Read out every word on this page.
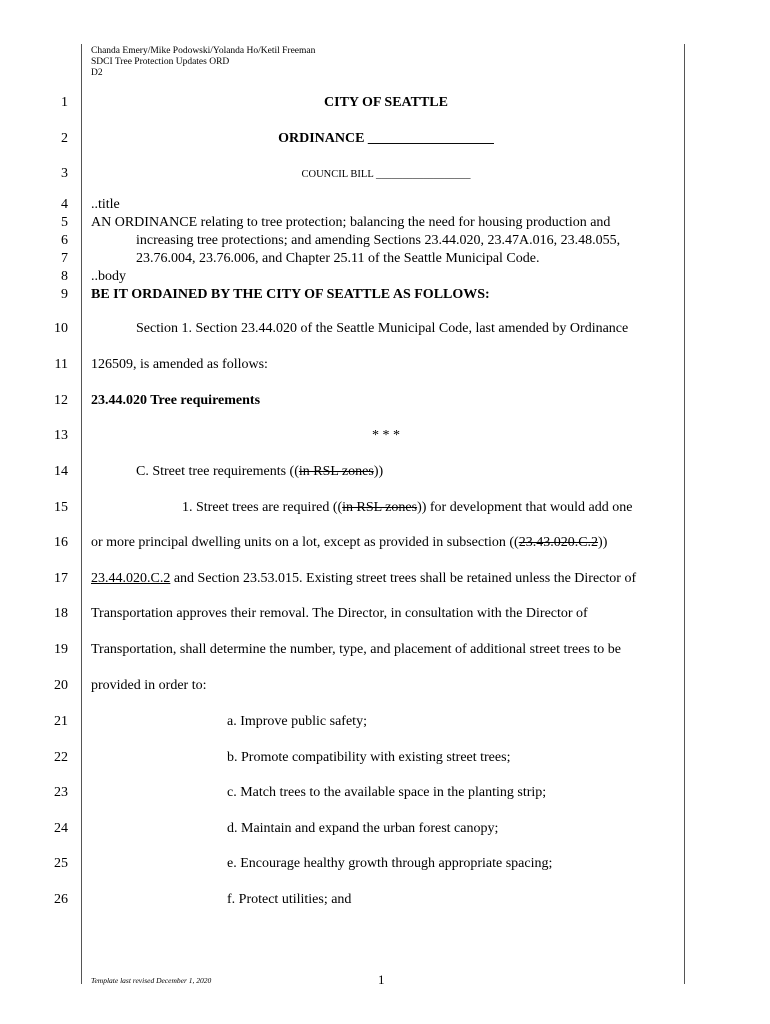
Chanda Emery/Mike Podowski/Yolanda Ho/Ketil Freeman
SDCI Tree Protection Updates ORD
D2
1
2
3
4
5
6
7
8
9
10
11
12
13
14
15
16
17
18
19
20
21
22
23
24
25
26
CITY OF SEATTLE
ORDINANCE __________________
COUNCIL BILL __________________
..title
AN ORDINANCE relating to tree protection; balancing the need for housing production and
increasing tree protections; and amending Sections 23.44.020, 23.47A.016, 23.48.055,
23.76.004, 23.76.006, and Chapter 25.11 of the Seattle Municipal Code.
..body
BE IT ORDAINED BY THE CITY OF SEATTLE AS FOLLOWS:
Section 1. Section 23.44.020 of the Seattle Municipal Code, last amended by Ordinance
126509, is amended as follows:
23.44.020 Tree requirements
* * *
C. Street tree requirements ((in RSL zones))
1. Street trees are required ((in RSL zones)) for development that would add one
or more principal dwelling units on a lot, except as provided in subsection ((23.43.020.C.2))
23.44.020.C.2 and Section 23.53.015. Existing street trees shall be retained unless the Director of
Transportation approves their removal. The Director, in consultation with the Director of
Transportation, shall determine the number, type, and placement of additional street trees to be
provided in order to:
a. Improve public safety;
b. Promote compatibility with existing street trees;
c. Match trees to the available space in the planting strip;
d. Maintain and expand the urban forest canopy;
e. Encourage healthy growth through appropriate spacing;
f. Protect utilities; and
Template last revised December 1, 2020	1
